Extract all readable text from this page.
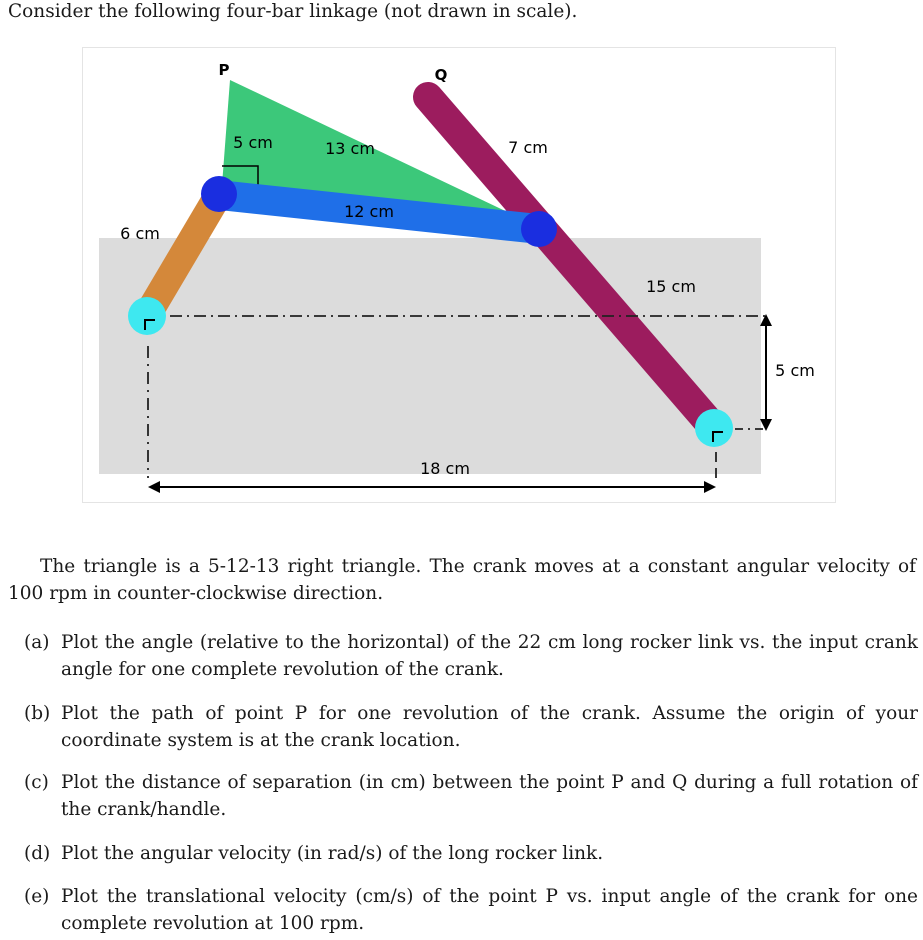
Consider the following four-bar linkage (not drawn in scale).
P	Q
5 cm	13 cm
12 cm
7 cm
6 cm
15 cm
5 cm
18 cm
The triangle is a 5-12-13 right triangle. The crank moves at a constant angular velocity of 100 rpm in counter-clockwise direction.
(a) Plot the angle (relative to the horizontal) of the 22 cm long rocker link vs. the input crank angle for one complete revolution of the crank.
(b) Plot the path of point P for one revolution of the crank. Assume the origin of your coordinate system is at the crank location.
(c) Plot the distance of separation (in cm) between the point P and Q during a full rotation of the crank/handle.
(d) Plot the angular velocity (in rad/s) of the long rocker link.
(e) Plot the translational velocity (cm/s) of the point P vs. input angle of the crank for one complete revolution at 100 rpm.
